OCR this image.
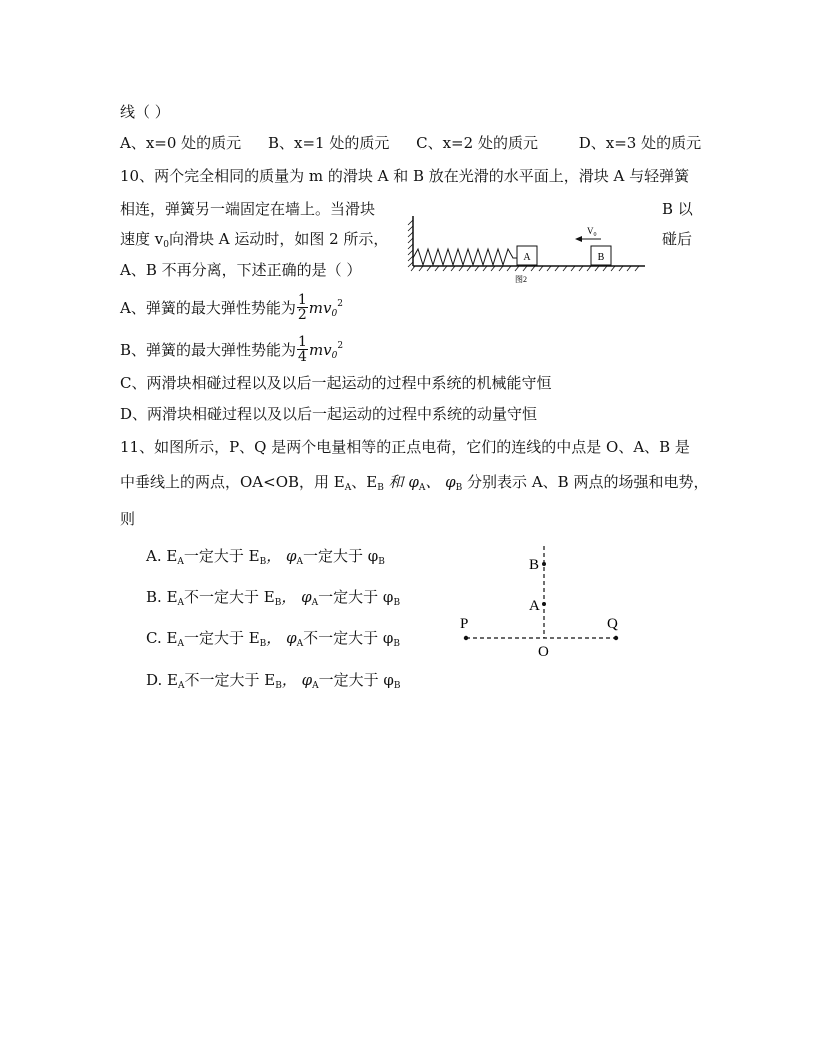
线（ ）
A、x=0 处的质元 B、x=1 处的质元 C、x=2 处的质元	D、x=3 处的质元
10、两个完全相同的质量为 m 的滑块 A 和 B 放在光滑的水平面上，滑块 A 与轻弹簧
相连，弹簧另一端固定在墙上。当滑块	B 以
速度 $v_0$向滑块 A 运动时，如图 2 所示，	碰后
A、B 不再分离，下述正确的是（ ）
A	B
$V_0$
图2
A、弹簧的最大弹性势能为 $\frac{1}{2} mv_0^2$
B、弹簧的最大弹性势能为 $\frac{1}{4} mv_0^2$
C、两滑块相碰过程以及以后一起运动的过程中系统的机械能守恒
D、两滑块相碰过程以及以后一起运动的过程中系统的动量守恒
11、如图所示，P、Q 是两个电量相等的正点电荷，它们的连线的中点是 O、A、B 是
中垂线上的两点，OA<OB，用 $E_A$、$E_B$ 和 $\varphi_A$、 $\varphi_B$ 分别表示 A、B 两点的场强和电势，
则
A. $E_A$一定大于 $E_B$， $\varphi_A$一定大于 $\varphi_B$
B. $E_A$不一定大于 $E_B$， $\varphi_A$一定大于 $\varphi_B$
C. $E_A$一定大于 $E_B$， $\varphi_A$不一定大于 $\varphi_B$
D. $E_A$不一定大于 $E_B$， $\varphi_A$一定大于 $\varphi_B$
B
A
P	Q
O
